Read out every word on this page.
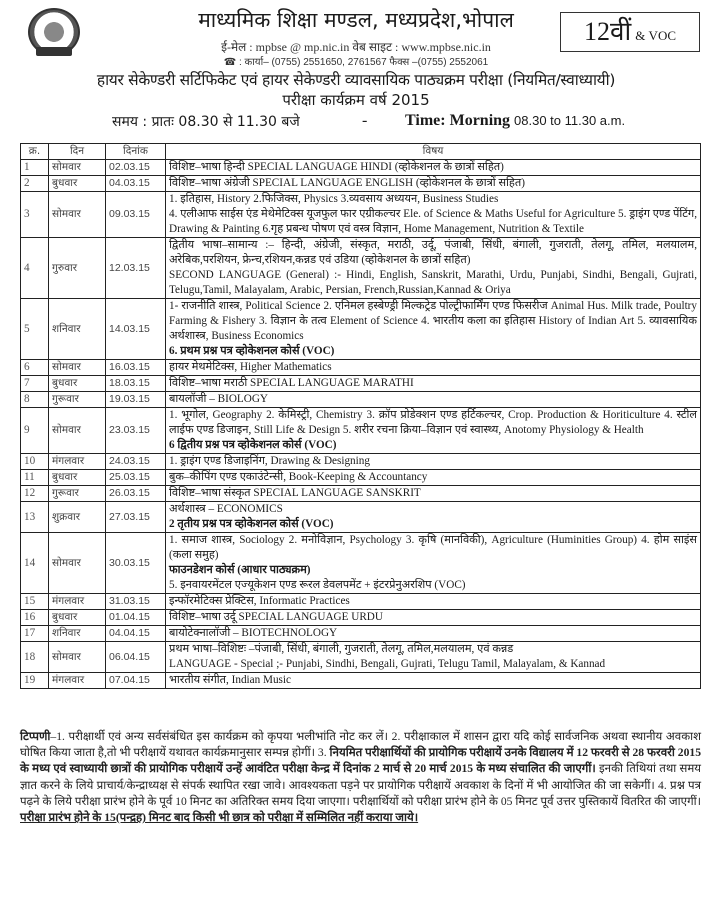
माध्यमिक शिक्षा मण्डल, मध्यप्रदेश,भोपाल
ई-मेल : mpbse @ mp.nic.in वेब साइट : www.mpbse.nic.in
☎ : कार्या– (0755) 2551650, 2761567 फैक्स –(0755) 2552061
12वीं & VOC
हायर सेकेण्डरी सर्टिफिकेट एवं हायर सेकेण्डरी व्यावसायिक पाठ्यक्रम परीक्षा (नियमित/स्वाध्यायी)
परीक्षा कार्यक्रम वर्ष 2015
समय : प्रातः 08.30 से 11.30 बजे	- Time: Morning 08.30 to 11.30 a.m.
क्र.	दिन	दिनांक	विषय
1	सोमवार	02.03.15	विशिष्ट–भाषा हिन्दी SPECIAL LANGUAGE HINDI (व्होकेशनल के छात्रों सहित)

2	बुधवार	04.03.15	विशिष्ट–भाषा अंग्रेजी SPECIAL LANGUAGE ENGLISH (व्होकेशनल के छात्रों सहित)

3	सोमवार	09.03.15	1. इतिहास, History 2.फिजिक्स, Physics 3.व्यवसाय अध्ययन, Business Studies
4. एलीआफ साईस एंड मेथेमेटिक्स यूजफुल फार एग्रीकल्चर Ele. of Science & Maths Useful for Agriculture 5. ड्राइंग एण्ड पेंटिंग, Drawing & Painting 6.गृह प्रबन्ध पोषण एवं वस्त्र विज्ञान, Home Management, Nutrition & Textile

4	गुरुवार	12.03.15	द्वितीय भाषा–सामान्य :– हिन्दी, अंग्रेजी, संस्कृत, मराठी, उर्दू, पंजाबी, सिंधी, बंगाली, गुजराती, तेलगू, तमिल, मलयालम, अरेबिक,परशियन, फ्रेन्च,रशियन,कन्नड एवं उडिया (व्होकेशनल के छात्रों सहित)
SECOND LANGUAGE (General) :- Hindi, English, Sanskrit, Marathi, Urdu, Punjabi, Sindhi, Bengali, Gujrati, Telugu,Tamil, Malayalam, Arabic, Persian, French,Russian,Kannad & Oriya

5	शनिवार	14.03.15	1- राजनीति शास्त्र, Political Science 2. एनिमल हस्बेण्ड्री मिल्कट्रेड पोल्ट्रीफार्मिंग एण्ड फिसरीज Animal Hus. Milk trade, Poultry Farming & Fishery 3. विज्ञान के तत्व Element of Science 4. भारतीय कला का इतिहास History of Indian Art 5. व्यावसायिक अर्थशास्त्र, Business Economics
6. प्रथम प्रश्न पत्र व्होकेशनल कोर्स (VOC)

6	सोमवार	16.03.15	हायर मेथमेटिक्स, Higher Mathematics

7	बुधवार	18.03.15	विशिष्ट–भाषा मराठी SPECIAL LANGUAGE MARATHI

8	गुरूवार	19.03.15	बायलॉजी – BIOLOGY

9	सोमवार	23.03.15	1. भूगोल, Geography 2. केमिस्ट्री, Chemistry 3. क्रॉप प्रोडेक्शन एण्ड हर्टिकल्चर, Crop. Production & Horiticulture 4. स्टील लाईफ एण्ड डिजाइन, Still Life & Design 5. शरीर रचना क्रिया–विज्ञान एवं स्वास्थ्य, Anotomy Physiology & Health
6 द्वितीय प्रश्न पत्र व्होकेशनल कोर्स (VOC)

10	मंगलवार	24.03.15	1. ड्राइंग एण्ड डिजाइनिंग, Drawing & Designing

11	बुधवार	25.03.15	बुक–कीपिंग एण्ड एकाउंटेन्सी, Book-Keeping & Accountancy

12	गुरूवार	26.03.15	विशिष्ट–भाषा संस्कृत SPECIAL LANGUAGE SANSKRIT

13	शुक्रवार	27.03.15	अर्थशास्त्र – ECONOMICS
2 तृतीय प्रश्न पत्र व्होकेशनल कोर्स (VOC)

14	सोमवार	30.03.15	1. समाज शास्त्र, Sociology 2. मनोविज्ञान, Psychology 3. कृषि (मानविकी), Agriculture (Huminities Group) 4. होम साइंस (कला समुह)
फाउनडेशन कोर्स (आधार पाठ्यक्रम)
5. इनवायरमेंटल एज्यूकेशन एण्ड रूरल डेवलपमेंट + इंटरप्रेनुअरशिप (VOC)

15	मंगलवार	31.03.15	इन्फॉरमेटिक्स प्रेक्टिस, Informatic Practices

16	बुधवार	01.04.15	विशिष्ट–भाषा उर्दू SPECIAL LANGUAGE URDU

17	शनिवार	04.04.15	बायोटेक्नालॉजी – BIOTECHNOLOGY

18	सोमवार	06.04.15	प्रथम भाषा–विशिष्टः –पंजाबी, सिंधी, बंगाली, गुजराती, तेलगू, तमिल,मलयालम, एवं कन्नड
LANGUAGE - Special ;- Punjabi, Sindhi, Bengali, Gujrati, Telugu Tamil, Malayalam, & Kannad

19	मंगलवार	07.04.15	भारतीय संगीत, Indian Music
टिप्पणी–1. परीक्षार्थी एवं अन्य सर्वसंबंधित इस कार्यक्रम को कृपया भलीभांति नोट कर लें। 2. परीक्षाकाल में शासन द्वारा यदि कोई सार्वजनिक अथवा स्थानीय अवकाश घोषित किया जाता है,तो भी परीक्षायें यथावत कार्यक्रमानुसार सम्पन्न होगीं। 3. नियमित परीक्षार्थियों की प्रायोगिक परीक्षायें उनके विद्यालय में 12 फरवरी से 28 फरवरी 2015 के मध्य एवं स्वाध्यायी छात्रों की प्रायोगिक परीक्षायें उन्हें आवंटित परीक्षा केन्द्र में दिनांक 2 मार्च से 20 मार्च 2015 के मध्य संचालित की जाएगीं। इनकी तिथियां तथा समय ज्ञात करने के लिये प्राचार्य/केन्द्राध्यक्ष से संपर्क स्थापित रखा जावे। आवश्यकता पड़ने पर प्रायोगिक परीक्षायें अवकाश के दिनों में भी आयोजित की जा सकेगीं। 4. प्रश्न पत्र पढ़ने के लिये परीक्षा प्रारंभ होने के पूर्व 10 मिनट का अतिरिक्त समय दिया जाएगा। परीक्षार्थियों को परीक्षा प्रारंभ होने के 05 मिनट पूर्व उत्तर पुस्तिकायें वितरित की जाएगीं। परीक्षा प्रारंभ होने के 15(पन्द्रह) मिनट बाद किसी भी छात्र को परीक्षा में सम्मिलित नहीं कराया जाये।
